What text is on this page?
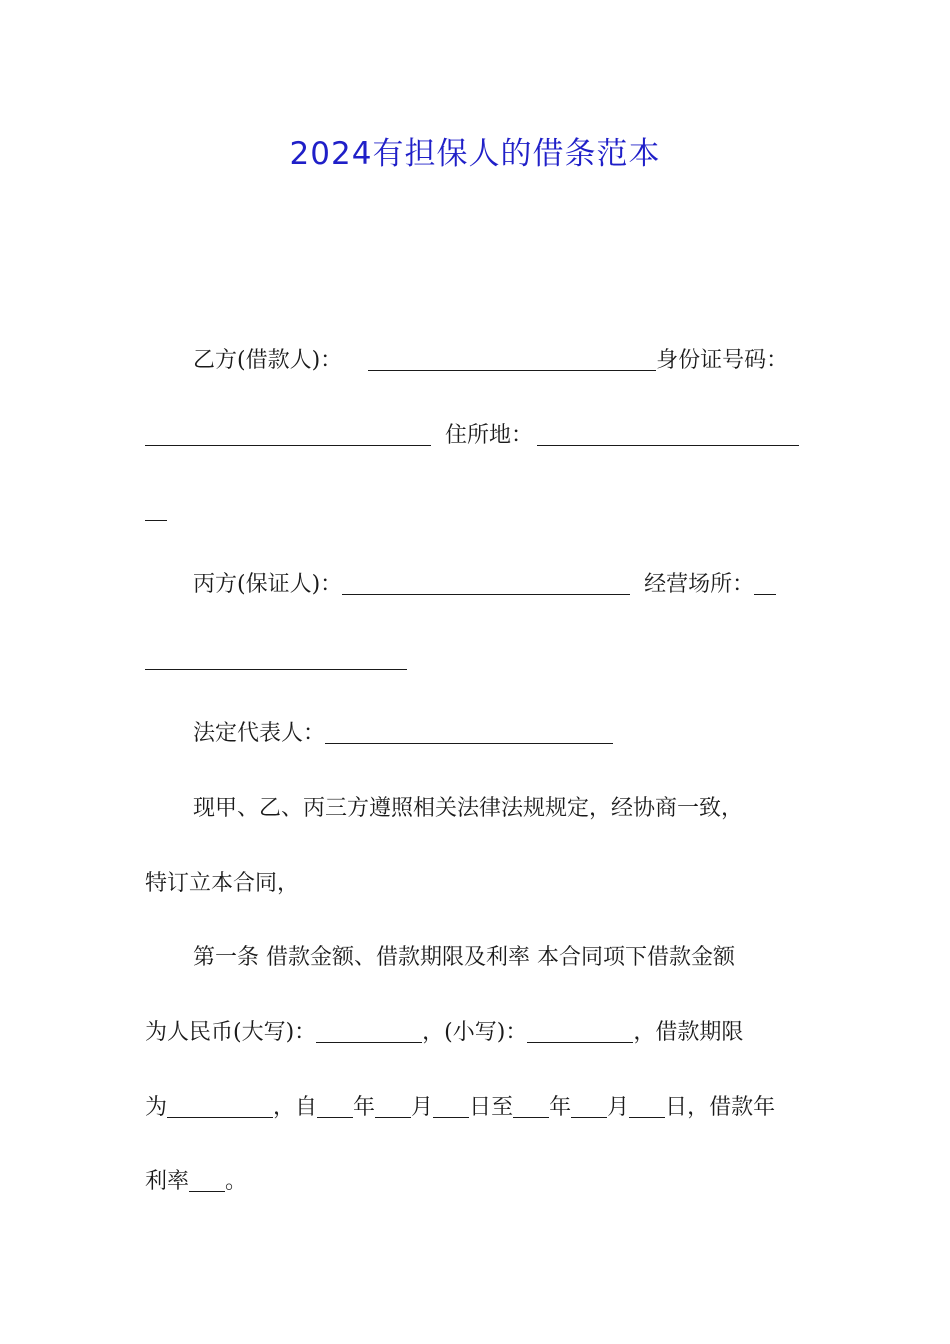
2024有担保人的借条范本
乙方(借款人)：	身份证号码：
住所地：
丙方(保证人)：	经营场所：
法定代表人：
现甲、乙、丙三方遵照相关法律法规规定，经协商一致，
特订立本合同，
第一条 借款金额、借款期限及利率 本合同项下借款金额
为人民币(大写)：	，(小写)：	，借款期限
为	，自 年 月 日至 年 月 日，借款年
利率 。
